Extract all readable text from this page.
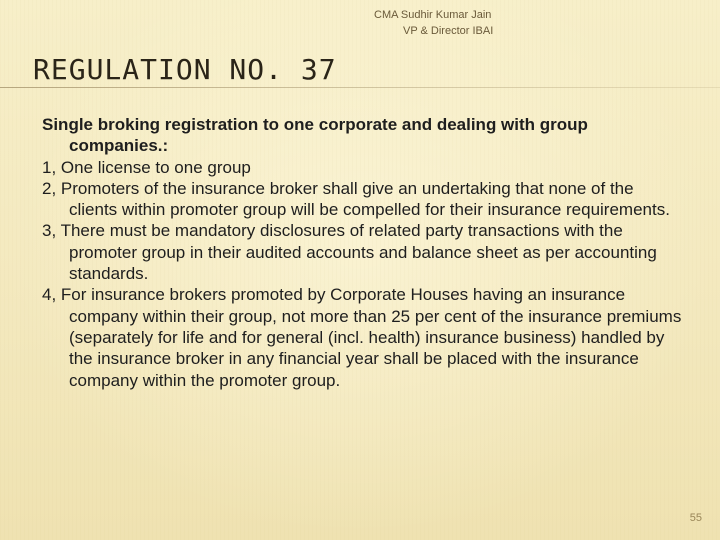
CMA Sudhir Kumar Jain
VP & Director IBAI
REGULATION NO. 37

Single broking registration to one corporate and dealing with group companies.:

1, One license to one group
2, Promoters of the insurance broker shall give an undertaking that none of the clients within promoter group will be compelled for their insurance requirements.
3, There must be mandatory disclosures of related party transactions with the promoter group in their audited accounts and balance sheet as per accounting standards.
4, For insurance brokers promoted by Corporate Houses having an insurance company within their group, not more than 25 per cent of the insurance premiums (separately for life and for general (incl. health) insurance business) handled by the insurance broker in any financial year shall be placed with the insurance company within the promoter group.
55
